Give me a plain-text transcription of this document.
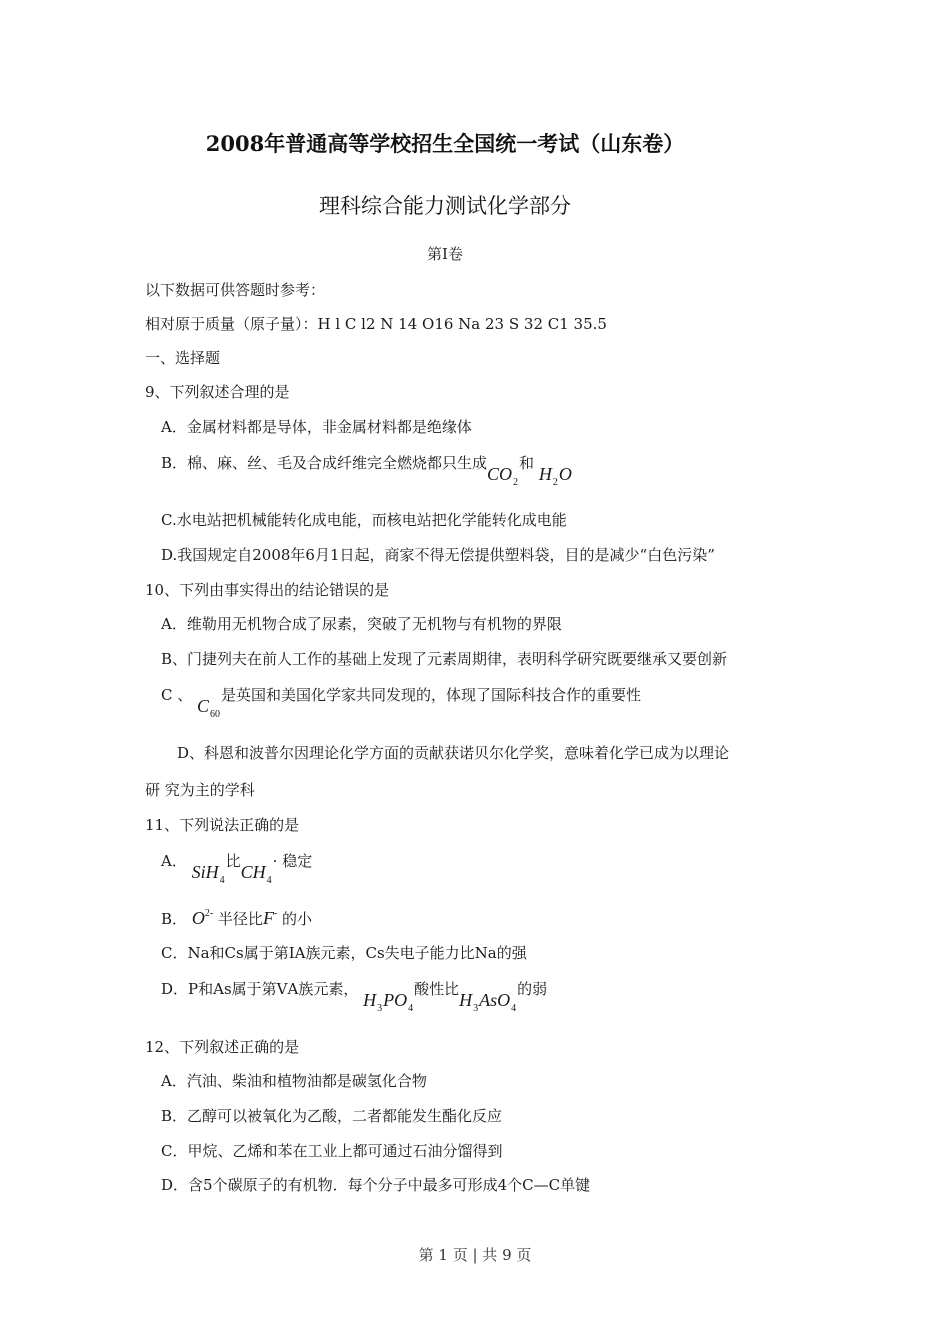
2008年普通高等学校招生全国统一考试（山东卷）
理科综合能力测试化学部分
第Ⅰ卷
以下数据可供答题时参考：
相对原于质量（原子量）：H l C l2 N 14 O16 Na 23 S 32 C1 35.5
一、选择题
9、下列叙述合理的是
A．金属材料都是导体，非金属材料都是绝缘体
B．棉、麻、丝、毛及合成纤维完全燃烧都只生成$CO_2$和 $H_2O$
C.水电站把机械能转化成电能，而核电站把化学能转化成电能
D.我国规定自2008年6月1日起，商家不得无偿提供塑料袋，目的是减少“白色污染”
10、下列由事实得出的结论错误的是
A．维勒用无机物合成了尿素，突破了无机物与有机物的界限
B、门捷列夫在前人工作的基础上发现了元素周期律，表明科学研究既要继承又要创新
C 、 $C_{60}$是英国和美国化学家共同发现的，体现了国际科技合作的重要性
D、科恩和波普尔因理论化学方面的贡献获诺贝尔化学奖，意味着化学已成为以理论
研 究为主的学科
11、下列说法正确的是
A． SiH$_4$比$CH_4\cdot$ 稳定
B． $O^{2-}$ 半径比F- 的小
C．Na和Cs属于第ⅠA族元素，Cs失电子能力比Na的强
D．P和As属于第ⅤA族元素， $H_3PO_4$酸性比$H_3AsO_4$的弱
12、下列叙述正确的是
A．汽油、柴油和植物油都是碳氢化合物
B．乙醇可以被氧化为乙酸，二者都能发生酯化反应
C．甲烷、乙烯和苯在工业上都可通过石油分馏得到
D．含5个碳原子的有机物．每个分子中最多可形成4个C—C单键
第 1 页 | 共 9 页
